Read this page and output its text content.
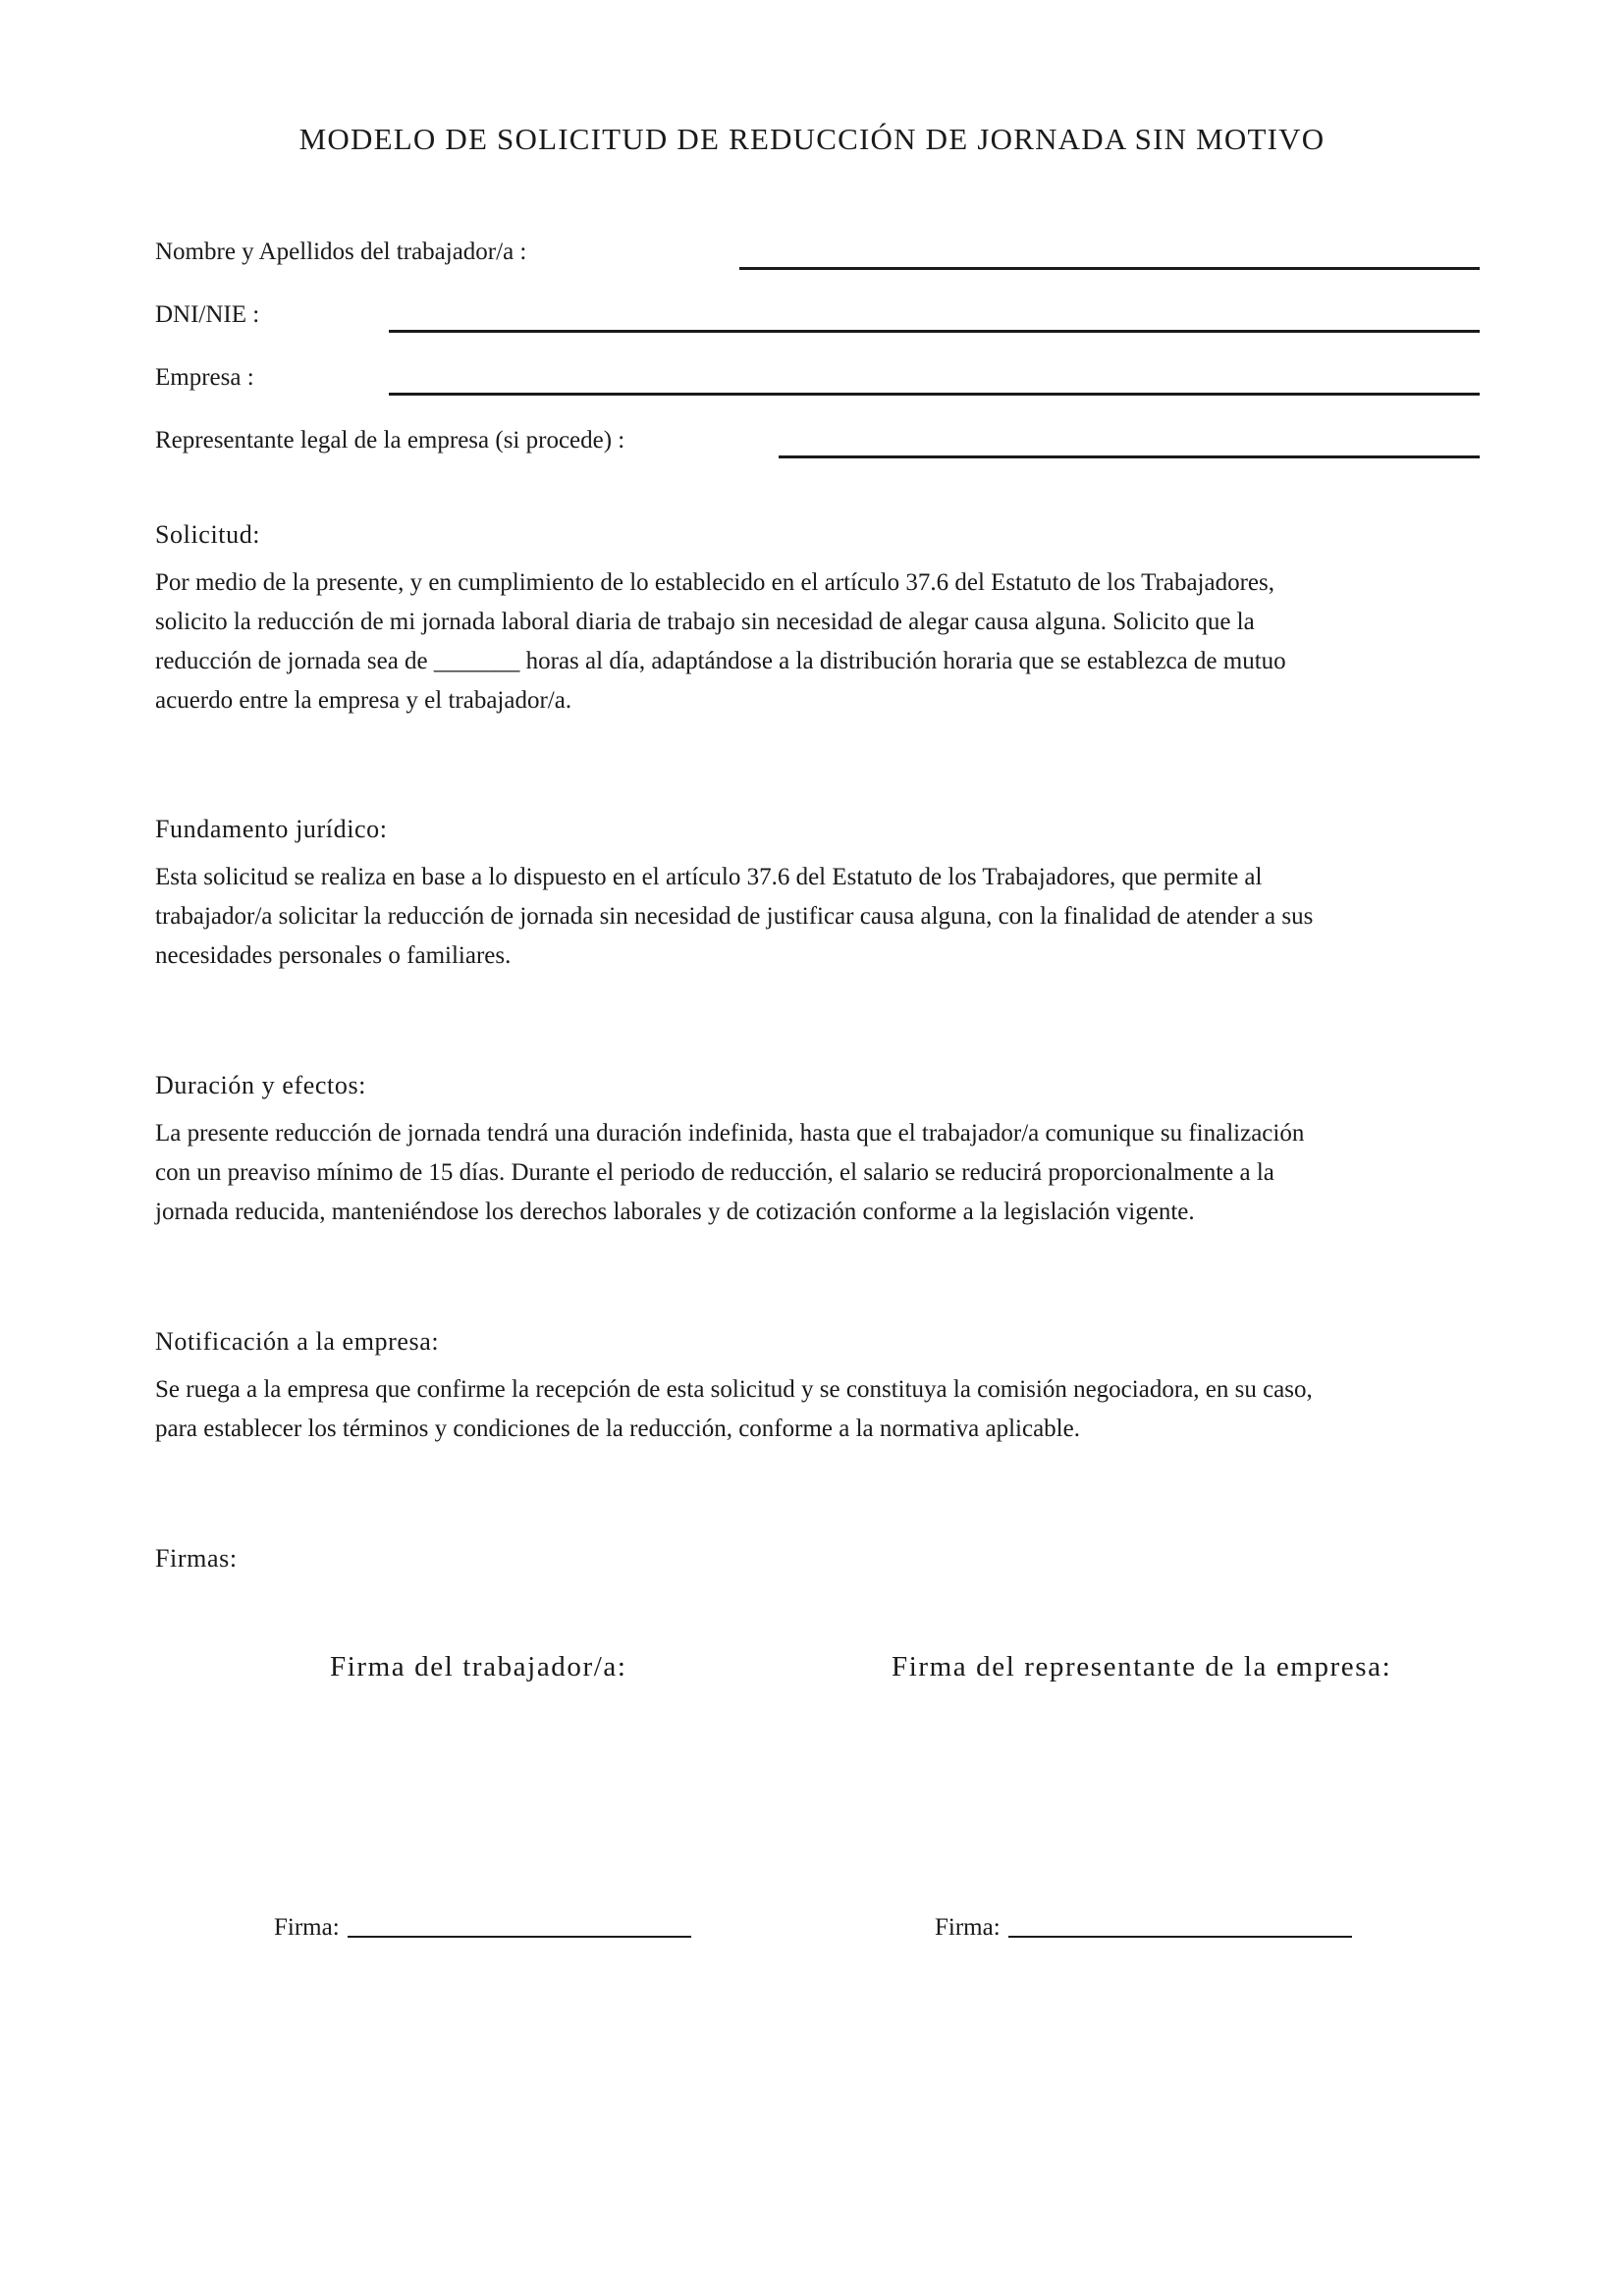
MODELO DE SOLICITUD DE REDUCCIÓN DE JORNADA SIN MOTIVO
Nombre y Apellidos del trabajador/a :
DNI/NIE :
Empresa :
Representante legal de la empresa (si procede) :
Solicitud:

Por medio de la presente, y en cumplimiento de lo establecido en el artículo 37.6 del Estatuto de los Trabajadores,

solicito la reducción de mi jornada laboral diaria de trabajo sin necesidad de alegar causa alguna. Solicito que la

reducción de jornada sea de _______ horas al día, adaptándose a la distribución horaria que se establezca de mutuo

acuerdo entre la empresa y el trabajador/a.

Fundamento jurídico:

Esta solicitud se realiza en base a lo dispuesto en el artículo 37.6 del Estatuto de los Trabajadores, que permite al

trabajador/a solicitar la reducción de jornada sin necesidad de justificar causa alguna, con la finalidad de atender a sus

necesidades personales o familiares.

Duración y efectos:

La presente reducción de jornada tendrá una duración indefinida, hasta que el trabajador/a comunique su finalización

con un preaviso mínimo de 15 días. Durante el periodo de reducción, el salario se reducirá proporcionalmente a la

jornada reducida, manteniéndose los derechos laborales y de cotización conforme a la legislación vigente.

Notificación a la empresa:

Se ruega a la empresa que confirme la recepción de esta solicitud y se constituya la comisión negociadora, en su caso,

para establecer los términos y condiciones de la reducción, conforme a la normativa aplicable.

Firmas:
Firma del trabajador/a:	Firma del representante de la empresa:
Firma:	Firma:
